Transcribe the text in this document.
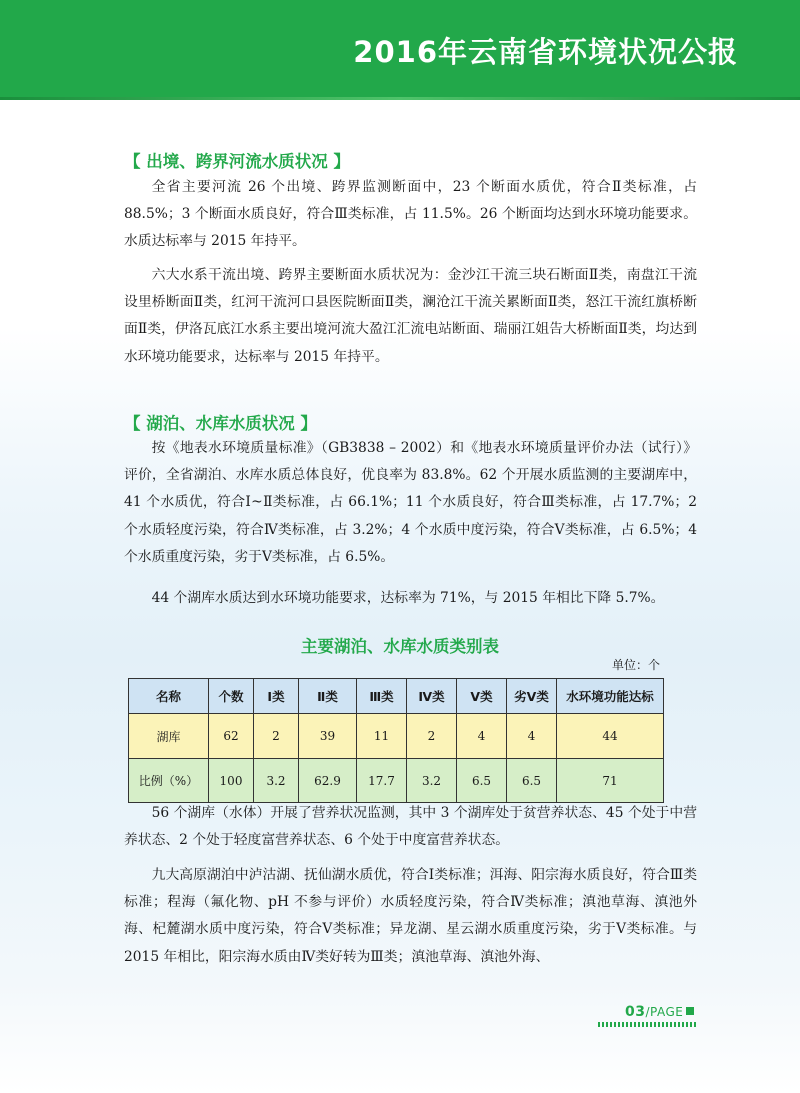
2016年云南省环境状况公报
【 出境、跨界河流水质状况 】

全省主要河流 26 个出境、跨界监测断面中，23 个断面水质优，符合Ⅱ类标准，占 88.5%；3 个断面水质良好，符合Ⅲ类标准，占 11.5%。26 个断面均达到水环境功能要求。水质达标率与 2015 年持平。

六大水系干流出境、跨界主要断面水质状况为：金沙江干流三块石断面Ⅱ类，南盘江干流设里桥断面Ⅱ类，红河干流河口县医院断面Ⅱ类，澜沧江干流关累断面Ⅱ类，怒江干流红旗桥断面Ⅱ类，伊洛瓦底江水系主要出境河流大盈江汇流电站断面、瑞丽江姐告大桥断面Ⅱ类，均达到水环境功能要求，达标率与 2015 年持平。

【 湖泊、水库水质状况 】

按《地表水环境质量标准》（GB3838 – 2002）和《地表水环境质量评价办法（试行）》评价，全省湖泊、水库水质总体良好，优良率为 83.8%。62 个开展水质监测的主要湖库中，41 个水质优，符合Ⅰ~Ⅱ类标准，占 66.1%；11 个水质良好，符合Ⅲ类标准，占 17.7%；2 个水质轻度污染，符合Ⅳ类标准，占 3.2%；4 个水质中度污染，符合Ⅴ类标准，占 6.5%；4 个水质重度污染，劣于Ⅴ类标准，占 6.5%。

44 个湖库水质达到水环境功能要求，达标率为 71%，与 2015 年相比下降 5.7%。

主要湖泊、水库水质类别表
单位：个
名称	个数	Ⅰ类	Ⅱ类	Ⅲ类	Ⅳ类	Ⅴ类	劣Ⅴ类	水环境功能达标
湖库	62	2	39	11	2	4	4	44
比例（%）	100	3.2	62.9	17.7	3.2	6.5	6.5	71

56 个湖库（水体）开展了营养状况监测，其中 3 个湖库处于贫营养状态、45 个处于中营养状态、2 个处于轻度富营养状态、6 个处于中度富营养状态。

九大高原湖泊中泸沽湖、抚仙湖水质优，符合Ⅰ类标准；洱海、阳宗海水质良好，符合Ⅲ类标准；程海（氟化物、pH 不参与评价）水质轻度污染，符合Ⅳ类标准；滇池草海、滇池外海、杞麓湖水质中度污染，符合Ⅴ类标准；异龙湖、星云湖水质重度污染，劣于Ⅴ类标准。与 2015 年相比，阳宗海水质由Ⅳ类好转为Ⅲ类；滇池草海、滇池外海、

03/PAGE
